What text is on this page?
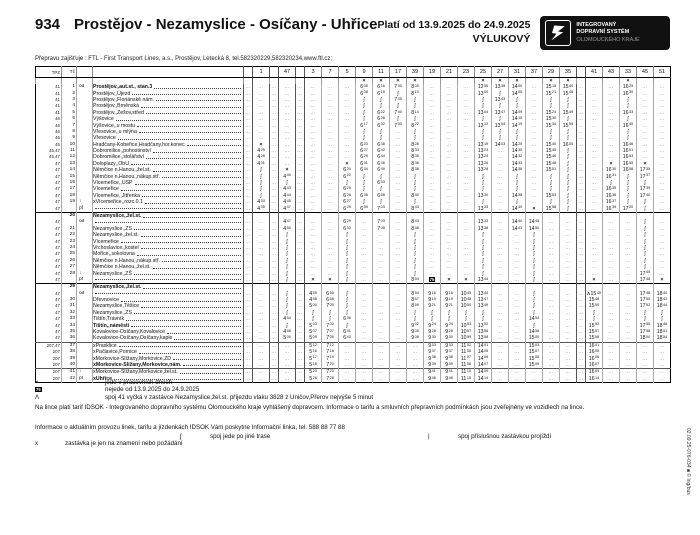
934 Prostějov - Nezamyslice - Osíčany - Uhřice Platí od 13.9.2025 do 24.9.2025
VÝLUKOVÝ
INTEGROVANÝ
DOPRAVNÍ SYSTÉM
OLOMOUCKÉHO KRAJE
Přepravu zajišťuje : FTL - First Transport Lines, a.s., Prostějov, Letecká 8, tel.582320229,582320234,www.ftl.cz;
TPZ	Tč				1		47		3	7	5	9	11	17	39	19	21	23	25	27	31	37	29	35		41	43	33	45	51
												×	×	×	×				×	×	×		×	×				×		
41	1	od	Prostějov,,aut.st., stan.3	...	...	...	...	...	...	...	...	$6^{05}$	$6^{16}$	$7^{30}$	$8^{05}$	...	...	...	$12^{55}$	$13^{38}$	$14^{00}$	...	$15^{15}$	$15^{40}$	...	...	...	$16^{25}$	...	...
41	2		Prostějov,,Újezd	...	...	...	...	...	...	...	...	$6^{08}$	$6^{19}$	ʃ	$8^{10}$	...	...	...	$13^{00}$	ʃ	$14^{05}$	...	$15^{21}$	$15^{46}$	...	...	...	$16^{30}$	...	...
41	3		Prostějov,,Floriánské nám.	...	...	...	...	...	...	...	...	ʃ	ʃ	$7^{35}$	ʃ	...	...	...	ʃ	$13^{43}$	ʃ	...	ʃ	ʃ	...	...	...	ʃ	...	...
41	4		Prostějov,,Brněnská	...	...	...	...	...	...	...	...	ʃ	ʃ	ʃ	ʃ	...	...	...	ʃ	ʃ	ʃ	...	ʃ	ʃ	...	...	...	ʃ	...	...
41	5		Prostějov,,Žešov,střed	...	...	...	...	...	...	...	...	ʃ	$6^{22}$	$7^{40}$	$8^{14}$	...	...	...	$13^{04}$	$13^{47}$	$14^{09}$	...	$15^{24}$	$15^{49}$	...	...	...	$16^{33}$	...	...
46	6		Výšovice	...	...	...	...	...	...	...	...	ʃ	$6^{28}$	ʃ	ʃ	...	...	...	ʃ	ʃ	$14^{15}$	...	$15^{30}$	ʃ	...	...	...	ʃ	...	...
46	7		Výšovice,,u mostu	...	...	...	...	...	...	...	...	$6^{17}$	$6^{32}$	$7^{50}$	$8^{22}$	...	...	...	$13^{12}$	$13^{54}$	$14^{19}$	...	$15^{34}$	$15^{59}$	...	...	...	$16^{40}$	...	...
46	8		Vřesovice,,u mlýna	...	...	...	...	...	...	...	...	ʃ	ʃ	...	ʃ	...	...	...	ʃ	ʃ	ʃ	...	ʃ	ʃ	...	...	...	ʃ	...	...
46	9		Vřesovice	...	...	...	...	...	...	...	...	ʃ	ʃ	...	ʃ	...	...	...	ʃ	ʃ	ʃ	...	ʃ	ʃ	...	...	...	ʃ	...	...
45	10		Hradčany-Kobeřice,Hradčany,hor.konec	...	×	...	...	...	...	...	...	$6^{23}$	$6^{38}$	...	$8^{28}$	...	...	...	$13^{19}$	$14^{03}$	$14^{25}$	...	$15^{40}$	$16^{05}$	...	...	...	$16^{46}$	...	...
45,47	11		Dobromilice,,pohostinství	...	$4^{25}$	...	...	...	...	...	...	$6^{27}$	$6^{42}$	...	$8^{33}$	...	...	...	$13^{23}$	...	$14^{30}$	...	$15^{45}$	ʃ	...	...	...	$16^{51}$	...	...
45,47	12		Dobromilice,,stolářství	...	$4^{28}$	...	...	...	...	...	...	$6^{29}$	$6^{44}$	...	$8^{35}$	...	...	...	$13^{24}$	...	$14^{32}$	...	$15^{46}$	ʃ	...	...	...	$16^{53}$	...	...
47	13		Doloplazy,,ObÚ	...	$4^{31}$	...	...	...	...	...	×	$6^{31}$	$6^{46}$	...	$8^{36}$	...	...	...	$13^{26}$	...	$14^{33}$	...	$15^{48}$	ʃ	...	...	×	$16^{55}$	×	...
47	14		Němčice n.Hanou,,žel.st.	...	ʃ	...	×	...	...	...	$6^{20}$	$6^{34}$	$6^{49}$	...	$8^{38}$	...	...	...	$13^{28}$	...	$14^{36}$	...	$15^{51}$	ʃ	...	...	$16^{30}$	$16^{58}$	$17^{35}$	...
47	15		Němčice n.Hanou,,nákup.stř.	...	ʃ	...	$4^{40}$	...	...	...	$6^{22}$	ʃ	ʃ	...	ʃ	...	...	...	ʃ	...	ʃ	...	ʃ	ʃ	...	...	$16^{31}$	ʃ	$17^{37}$	...
47	16		Vícemeřice,,ÚSP	...	ʃ	...	ʃ	...	...	...	ʃ	ʃ	$6^{53}$	...	ʃ	...	...	...	ʃ	...	ʃ	...	ʃ	ʃ	...	...	ʃ	ʃ	ʃ	...
47	17		Vícemeřice	...	ʃ	...	$4^{43}$	...	...	...	$6^{25}$	ʃ	ʃ	...	ʃ	...	...	...	ʃ	...	ʃ	...	ʃ	ʃ	...	...	$16^{35}$	ʃ	$17^{39}$	...
47	18		Vícemeřice,,Jitřenka	...	ʃ	...	$4^{44}$	...	...	...	$6^{26}$	$6^{36}$	$6^{58}$	...	$8^{40}$	...	...	...	$13^{30}$	...	$14^{38}$	...	$15^{53}$	ʃ	...	...	$16^{36}$	ʃ	$17^{40}$	...
47	19	↓	xVícemeřice,,rozc.0.1	...	$4^{33}$	...	$4^{45}$	...	...	...	$6^{27}$	ʃ	ʃ	...	ʃ	...	...	...	ʃ	...	ʃ	...	ʃ	ʃ	...	...	$16^{37}$	ʃ	ʃ	...
47		pf		...	$4^{35}$	...	$4^{47}$	...	...	...	$6^{29}$	$6^{39}$	$7^{03}$	...	$8^{43}$	...	...	...	$13^{33}$	...	$14^{40}$	×	$15^{58}$	ʃ	...	...	$16^{39}$	$17^{00}$	ʃ	...
	20		Nezamyslice,,žel.st.																											

47		od		...	...	...	$4^{47}$	...	...	...	$6^{29}$	...	$7^{03}$	...	$8^{43}$	...	...	...	$13^{33}$	...	$14^{40}$	$14^{45}$	...	...	...	...	...	...	ʃ	...
47	21		Nezamyslice,,ZŠ	...	...	...	$4^{50}$	...	...	...	$6^{33}$	...	$7^{08}$	...	$8^{48}$	...	...	...	$13^{38}$	...	$14^{43}$	$14^{50}$	...	...	...	...	...	...	ʃ	...
47	22		Nezamyslice,,žel.st.	...	...	...	ʃ	...	...	...	ʃ	...	...	...	ʃ	...	...	...	ʃ	...	...	ʃ	...	...	...	...	...	...	ʃ	...
47	23		Vícemeřice	...	...	...	ʃ	...	...	...	ʃ	...	...	...	ʃ	...	...	...	ʃ	...	...	ʃ	...	...	...	...	...	...	ʃ	...
47	24		Vrchoslavice,,kostel	...	...	...	ʃ	...	...	...	ʃ	...	...	...	ʃ	...	...	...	ʃ	...	...	ʃ	...	...	...	...	...	...	ʃ	...
47	25		Mořice,,sokolovna	...	...	...	ʃ	...	...	...	ʃ	...	...	...	ʃ	...	...	...	ʃ	...	...	ʃ	...	...	...	...	...	...	ʃ	...
47	26		Němčice n.Hanou,,nákup.stř.	...	...	...	ʃ	...	...	...	ʃ	...	...	...	ʃ	...	...	...	ʃ	...	...	ʃ	...	...	...	...	...	...	ʃ	...
47	27		Němčice n.Hanou,,žel.st.	...	...	...	ʃ	...	...	...	ʃ	...	...	...	ʃ	...	...	...	ʃ	...	...	ʃ	...	...	...	...	...	...	ʃ	...
47	28	↓	Nezamyslice,,ZŠ	...	...	...	ʃ	...	...	...	ʃ	...	...	...	ʃ	...	...	...	ʃ	...	...	ʃ	...	...	...	...	...	...	$17^{45}$	...
47		pf		...	...	...	ʃ	...	×	×	ʃ	...	...	...	$8^{54}$	75	×	×	$13^{44}$	...	...	ʃ	...	...	...	×	...	...	$17^{48}$	×
	29		Nezamyslice,,žel.st.																											

47		od		...	...	...	ʃ	...	$4^{55}$	$6^{55}$	ʃ	...	...	...	$8^{54}$	$9^{16}$	$9^{16}$	$10^{45}$	$13^{44}$	...	...	ʃ	...	...	...	$\Lambda 15^{45}$	...	...	$17^{48}$	$18^{40}$
47	30		Dřevnovice	...	...	...	ʃ	...	$4^{58}$	$6^{58}$	ʃ	...	...	...	$8^{57}$	$9^{19}$	$9^{19}$	$10^{48}$	$13^{47}$	...	...	ʃ	...	...	...	$15^{48}$	...	...	$17^{50}$	$18^{42}$
47	31		Nezamyslice,Těšice	...	...	...	ʃ	...	$5^{00}$	$7^{00}$	ʃ	...	...	...	$8^{59}$	$9^{21}$	$9^{21}$	$10^{50}$	$13^{49}$	...	...	ʃ	...	...	...	$15^{50}$	...	...	$17^{52}$	$18^{44}$
47	32		Nezamyslice,,ZŠ	...	...	...	ʃ	...	ʃ	ʃ	ʃ	...	...	...	ʃ	ʃ	ʃ	ʃ	ʃ	...	...	ʃ	...	...	...	ʃ	...	...	ʃ	ʃ
47	33		Tištín,Trávník	...	...	...	$4^{54}$	...	ʃ	ʃ	$6^{36}$	...	...	...	ʃ	ʃ	ʃ	ʃ	ʃ	...	...	$14^{54}$	...	...	...	ʃ	...	...	ʃ	ʃ
47	34		Tištín,,náměstí	...	...	...	ʃ	...	$5^{03}$	$7^{03}$	ʃ	...	...	...	$9^{02}$	$9^{24}$	$9^{24}$	$10^{53}$	$13^{52}$	...	...	ʃ	...	...	...	$15^{53}$	...	...	$17^{55}$	$18^{48}$
47	35		Kovalovice-Osíčany,Kovalovice	...	...	...	$4^{58}$	...	$5^{07}$	$7^{07}$	$6^{41}$	...	...	...	$9^{05}$	$9^{28}$	$9^{28}$	$10^{57}$	$13^{56}$	...	...	$14^{58}$	...	...	...	$15^{57}$	...	...	$17^{58}$	$18^{51}$
47	36		Kovalovice-Osíčany,Osíčany,kaple	...	...	...	$5^{00}$	...	$5^{09}$	$7^{09}$	$6^{43}$	...	...	...	$9^{08}$	$9^{30}$	$9^{30}$	$10^{59}$	$13^{58}$	...	...	$15^{00}$	...	...	...	$15^{58}$	...	...	$18^{00}$	$18^{54}$
207,47	37		xPrasklice	...	...	...	...	...	$5^{12}$	$7^{12}$	...	...	...	...	...	$9^{33}$	$9^{33}$	$11^{02}$	$14^{01}$	...	...	$15^{03}$	...	...	...	$16^{01}$	...	...	...	...
207	38		xPačlavice,Pornice	...	...	...	...	...	$5^{16}$	$7^{18}$	...	...	...	...	...	$9^{37}$	$9^{37}$	$11^{06}$	$14^{05}$	...	...	$15^{07}$	...	...	...	$16^{05}$	...	...	...	...
207	39		xMorkovice-Slížany,Morkovice,ZD	...	...	...	...	...	$5^{17}$	$7^{19}$	...	...	...	...	...	$9^{38}$	$9^{38}$	$11^{07}$	$14^{06}$	...	...	$15^{08}$	...	...	...	$16^{06}$	...	...	...	...
207	40		xMorkovice-Slížany,Morkovice,nám.	...	...	...	...	...	$5^{18}$	$7^{20}$	...	...	...	...	...	$9^{39}$	$9^{39}$	$11^{08}$	$14^{07}$	...	...	$15^{09}$	...	...	...	$16^{07}$	...	...	...	...
207	41	↓	xMorkovice-Slížany,Morkovice,žel.st.	...	...	...	...	...	$5^{20}$	$7^{23}$	...	...	...	...	...	$9^{41}$	$9^{41}$	$11^{10}$	$14^{09}$	...	...	...	...	...	...	$16^{09}$	...	...	...	...
207	42	pf	xUhřice	...	...	...	...	...	$5^{26}$	$7^{28}$	...	...	...	...	...	$9^{46}$	$9^{46}$	$11^{15}$	$14^{14}$	...	...	...	...	...	...	$16^{14}$	...	...	...	...
×	jede v pracovních dnech
75	nejede od 13.9.2025 do 24.9.2025
Λ	spoj 41 vyčká v zastávce Nezamyslice,žel.st. příjezdu vlaku 3828 z Uničov,Přerov nejvýše 5 minut
Na lince platí tarif IDSOK - Integrovaného dopravního systému Olomouckého kraje vyhlášený dopravcem. Informace o tarifu a smluvních přepravních podmínkách jsou zveřejněny ve vozidlech na lince.
Informace o aktuálním provozu linek, tarifu a jízdenkách IDSOK Vám poskytne Informační linka, tel. 588 88 77 88
x	zastávka je jen na znamení nebo požádání
ʃ	spoj jede po jiné trase	|	spoj příslušnou zastávkou projíždí	02.09.25-076-034 ■ © Ing/bus
